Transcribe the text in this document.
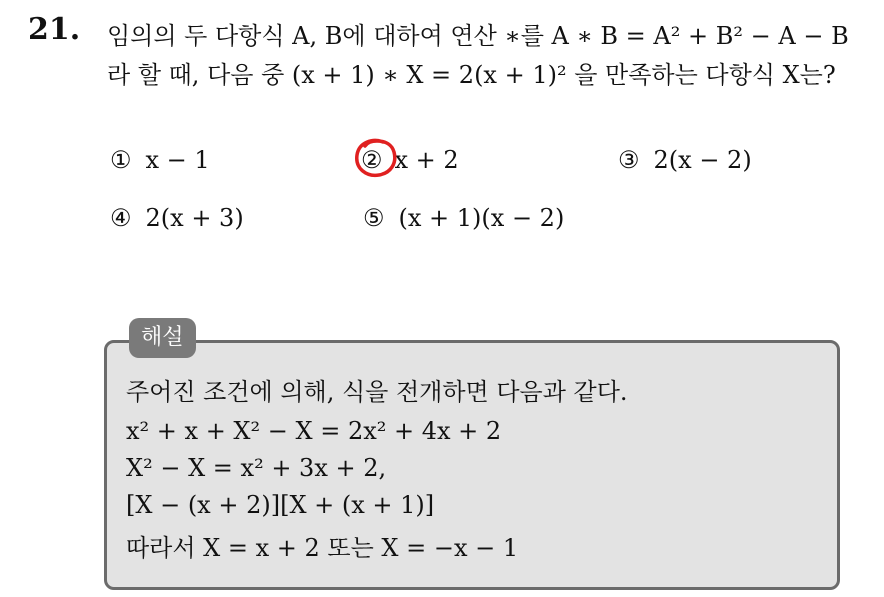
21. 임의의 두 다항식 A, B에 대하여 연산 ∗를 A ∗ B = A² + B² − A − B
라 할 때, 다음 중 (x + 1) ∗ X = 2(x + 1)² 을 만족하는 다항식 X는?
① x − 1	② x + 2	③ 2(x − 2)
④ 2(x + 3)	⑤ (x + 1)(x − 2)
해설
주어진 조건에 의해, 식을 전개하면 다음과 같다.
x² + x + X² − X = 2x² + 4x + 2
X² − X = x² + 3x + 2,
[X − (x + 2)][X + (x + 1)]
따라서 X = x + 2 또는 X = −x − 1
